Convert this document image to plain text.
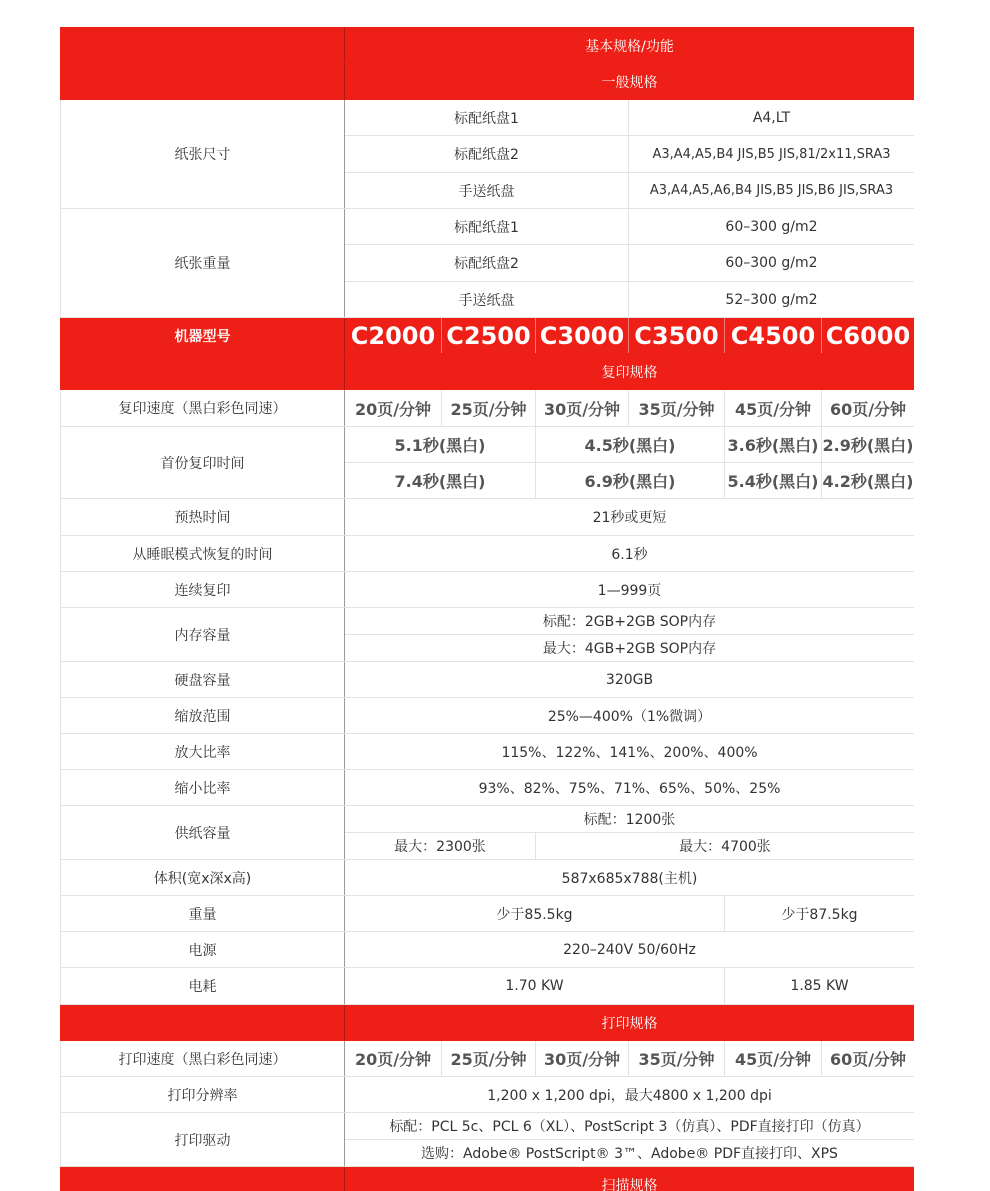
	基本规格/功能					
	一般规格					
纸张尺寸	标配纸盘1			A4,LT		
	标配纸盘2			A3,A4,A5,B4 JIS,B5 JIS,81/2x11,SRA3		
	手送纸盘			A3,A4,A5,A6,B4 JIS,B5 JIS,B6 JIS,SRA3		
纸张重量	标配纸盘1			60–300 g/m2		
	标配纸盘2			60–300 g/m2		
	手送纸盘			52–300 g/m2		
机器型号	C2000	C2500	C3000	C3500	C4500	C6000
	复印规格					
复印速度（黑白彩色同速）	20页/分钟	25页/分钟	30页/分钟	35页/分钟	45页/分钟	60页/分钟
首份复印时间	5.1秒(黑白)		4.5秒(黑白)		3.6秒(黑白)	2.9秒(黑白)
	7.4秒(黑白)		6.9秒(黑白)		5.4秒(黑白)	4.2秒(黑白)
预热时间	21秒或更短					
从睡眠模式恢复的时间	6.1秒					
连续复印	1—999页					
内存容量	标配：2GB+2GB SOP内存					
	最大：4GB+2GB SOP内存					
硬盘容量	320GB					
缩放范围	25%—400%（1%微调）					
放大比率	115%、122%、141%、200%、400%					
缩小比率	93%、82%、75%、71%、65%、50%、25%					
供纸容量	标配：1200张					
	最大：2300张		最大：4700张			
体积(宽x深x高)	587x685x788(主机)					
重量	少于85.5kg				少于87.5kg	
电源	220–240V 50/60Hz					
电耗	1.70 KW				1.85 KW	
	打印规格					
打印速度（黑白彩色同速）	20页/分钟	25页/分钟	30页/分钟	35页/分钟	45页/分钟	60页/分钟
打印分辨率	1,200 x 1,200 dpi，最大4800 x 1,200 dpi					
打印驱动	标配：PCL 5c、PCL 6（XL）、PostScript 3（仿真）、PDF直接打印（仿真）					
	选购：Adobe® PostScript® 3™、Adobe® PDF直接打印、XPS					
	扫描规格					
